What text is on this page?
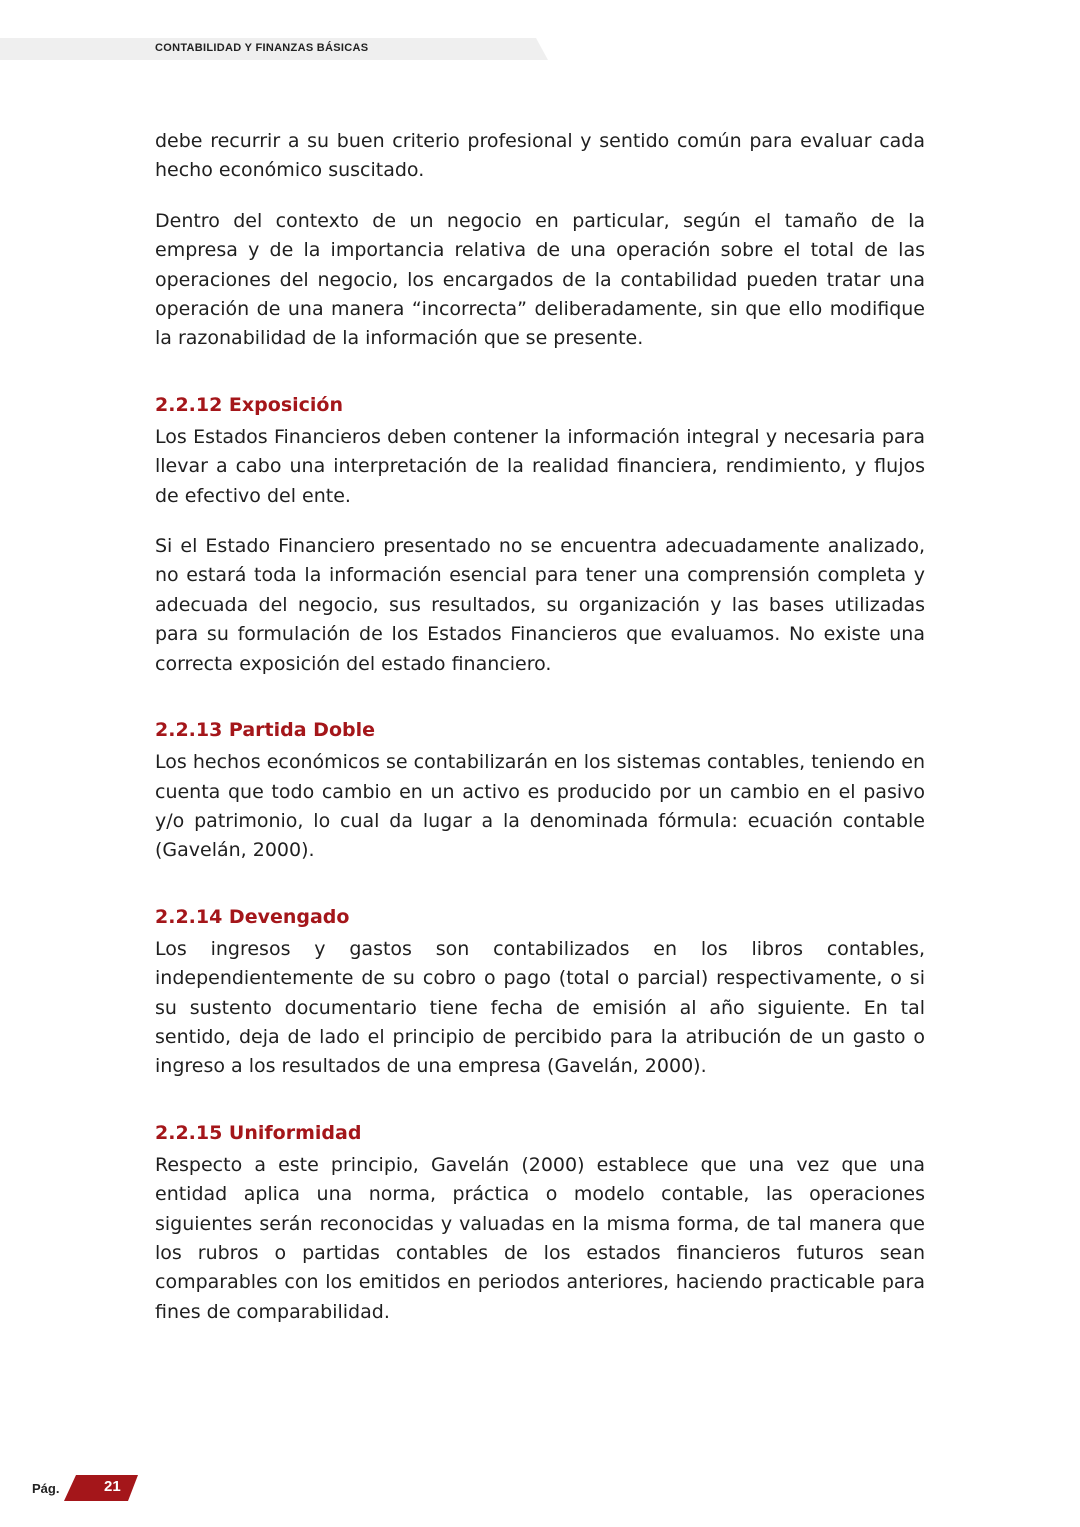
CONTABILIDAD Y FINANZAS BÁSICAS

debe recurrir a su buen criterio profesional y sentido común para evaluar cada hecho económico suscitado.

Dentro del contexto de un negocio en particular, según el tamaño de la empresa y de la importancia relativa de una operación sobre el total de las operaciones del negocio, los encargados de la contabilidad pueden tratar una operación de una manera “incorrecta” deliberadamente, sin que ello modifique la razonabilidad de la información que se presente.

2.2.12 Exposición

Los Estados Financieros deben contener la información integral y necesaria para llevar a cabo una interpretación de la realidad financiera, rendimiento, y flujos de efectivo del ente.

Si el Estado Financiero presentado no se encuentra adecuadamente analizado, no estará toda la información esencial para tener una comprensión completa y adecuada del negocio, sus resultados, su organización y las bases utilizadas para su formulación de los Estados Financieros que evaluamos. No existe una correcta exposición del estado financiero.

2.2.13 Partida Doble

Los hechos económicos se contabilizarán en los sistemas contables, teniendo en cuenta que todo cambio en un activo es producido por un cambio en el pasivo y/o patrimonio, lo cual da lugar a la denominada fórmula: ecuación contable (Gavelán, 2000).

2.2.14 Devengado

Los ingresos y gastos son contabilizados en los libros contables, independientemente de su cobro o pago (total o parcial) respectivamente, o si su sustento documentario tiene fecha de emisión al año siguiente. En tal sentido, deja de lado el principio de percibido para la atribución de un gasto o ingreso a los resultados de una empresa (Gavelán, 2000).

2.2.15 Uniformidad

Respecto a este principio, Gavelán (2000) establece que una vez que una entidad aplica una norma, práctica o modelo contable, las operaciones siguientes serán reconocidas y valuadas en la misma forma, de tal manera que los rubros o partidas contables de los estados financieros futuros sean comparables con los emitidos en periodos anteriores, haciendo practicable para fines de comparabilidad.

Pág.	21
